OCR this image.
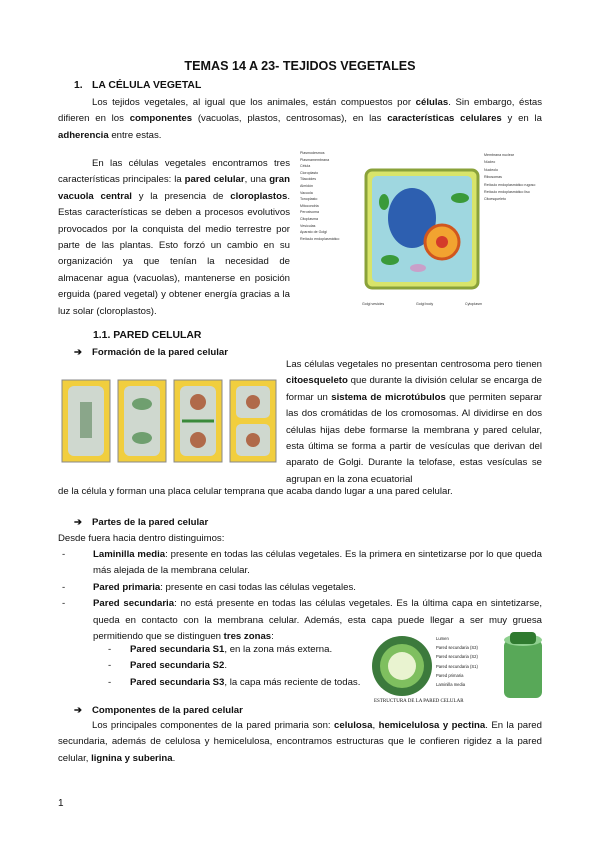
TEMAS 14 A 23- TEJIDOS VEGETALES
1. LA CÉLULA VEGETAL
Los tejidos vegetales, al igual que los animales, están compuestos por células. Sin embargo, éstas difieren en los componentes (vacuolas, plastos, centrosomas), en las características celulares y en la adherencia entre estas.
En las células vegetales encontramos tres características principales: la pared celular, una gran vacuola central y la presencia de cloroplastos. Estas características se deben a procesos evolutivos provocados por la conquista del medio terrestre por parte de las plantas. Esto forzó un cambio en su organización ya que tenían la necesidad de almacenar agua (vacuolas), mantenerse en posición erguida (pared vegetal) y obtener energía gracias a la luz solar (cloroplastos).
Plasmodesmos
Plasmamembrana
Célula
Cloroplasto
Tilacoides
Almidón
Vacuola
Tonoplasto
Mitocondria
Peroxisoma
Citoplasma
Vesículas
Aparato de Golgi
Retículo endoplasmático
Membrana nuclear
Núcleo
Nucleolo
Ribosomas
Retículo endoplasmático rugoso
Retículo endoplasmático liso
Citoesqueleto
Golgi vesicles	Golgi body	Cytoplasm
1.1. PARED CELULAR
➔ Formación de la pared celular
Las células vegetales no presentan centrosoma pero tienen citoesqueleto que durante la división celular se encarga de formar un sistema de microtúbulos que permiten separar las dos cromátidas de los cromosomas. Al dividirse en dos células hijas debe formarse la membrana y pared celular, esta última se forma a partir de vesículas que derivan del aparato de Golgi. Durante la telofase, estas vesículas se agrupan en la zona ecuatorial
de la célula y forman una placa celular temprana que acaba dando lugar a una pared celular.
➔ Partes de la pared celular
Desde fuera hacia dentro distinguimos:
-	Laminilla media: presente en todas las células vegetales. Es la primera en sintetizarse por lo que queda más alejada de la membrana celular.
-	Pared primaria: presente en casi todas las células vegetales.
-	Pared secundaria: no está presente en todas las células vegetales. Es la última capa en sintetizarse, queda en contacto con la membrana celular. Además, esta capa puede llegar a ser muy gruesa permitiendo que se distinguen tres zonas:
- Pared secundaria S1, en la zona más externa.
- Pared secundaria S2.
- Pared secundaria S3, la capa más reciente de todas.
Lumen
Pared secundaria (S3)
Pared secundaria (S2)
Pared secundaria (S1)
Pared primaria
Laminilla media
ESTRUCTURA DE LA PARED CELULAR
➔ Componentes de la pared celular
Los principales componentes de la pared primaria son: celulosa, hemicelulosa y pectina. En la pared secundaria, además de celulosa y hemicelulosa, encontramos estructuras que le confieren rigidez a la pared celular, lignina y suberina.
1
